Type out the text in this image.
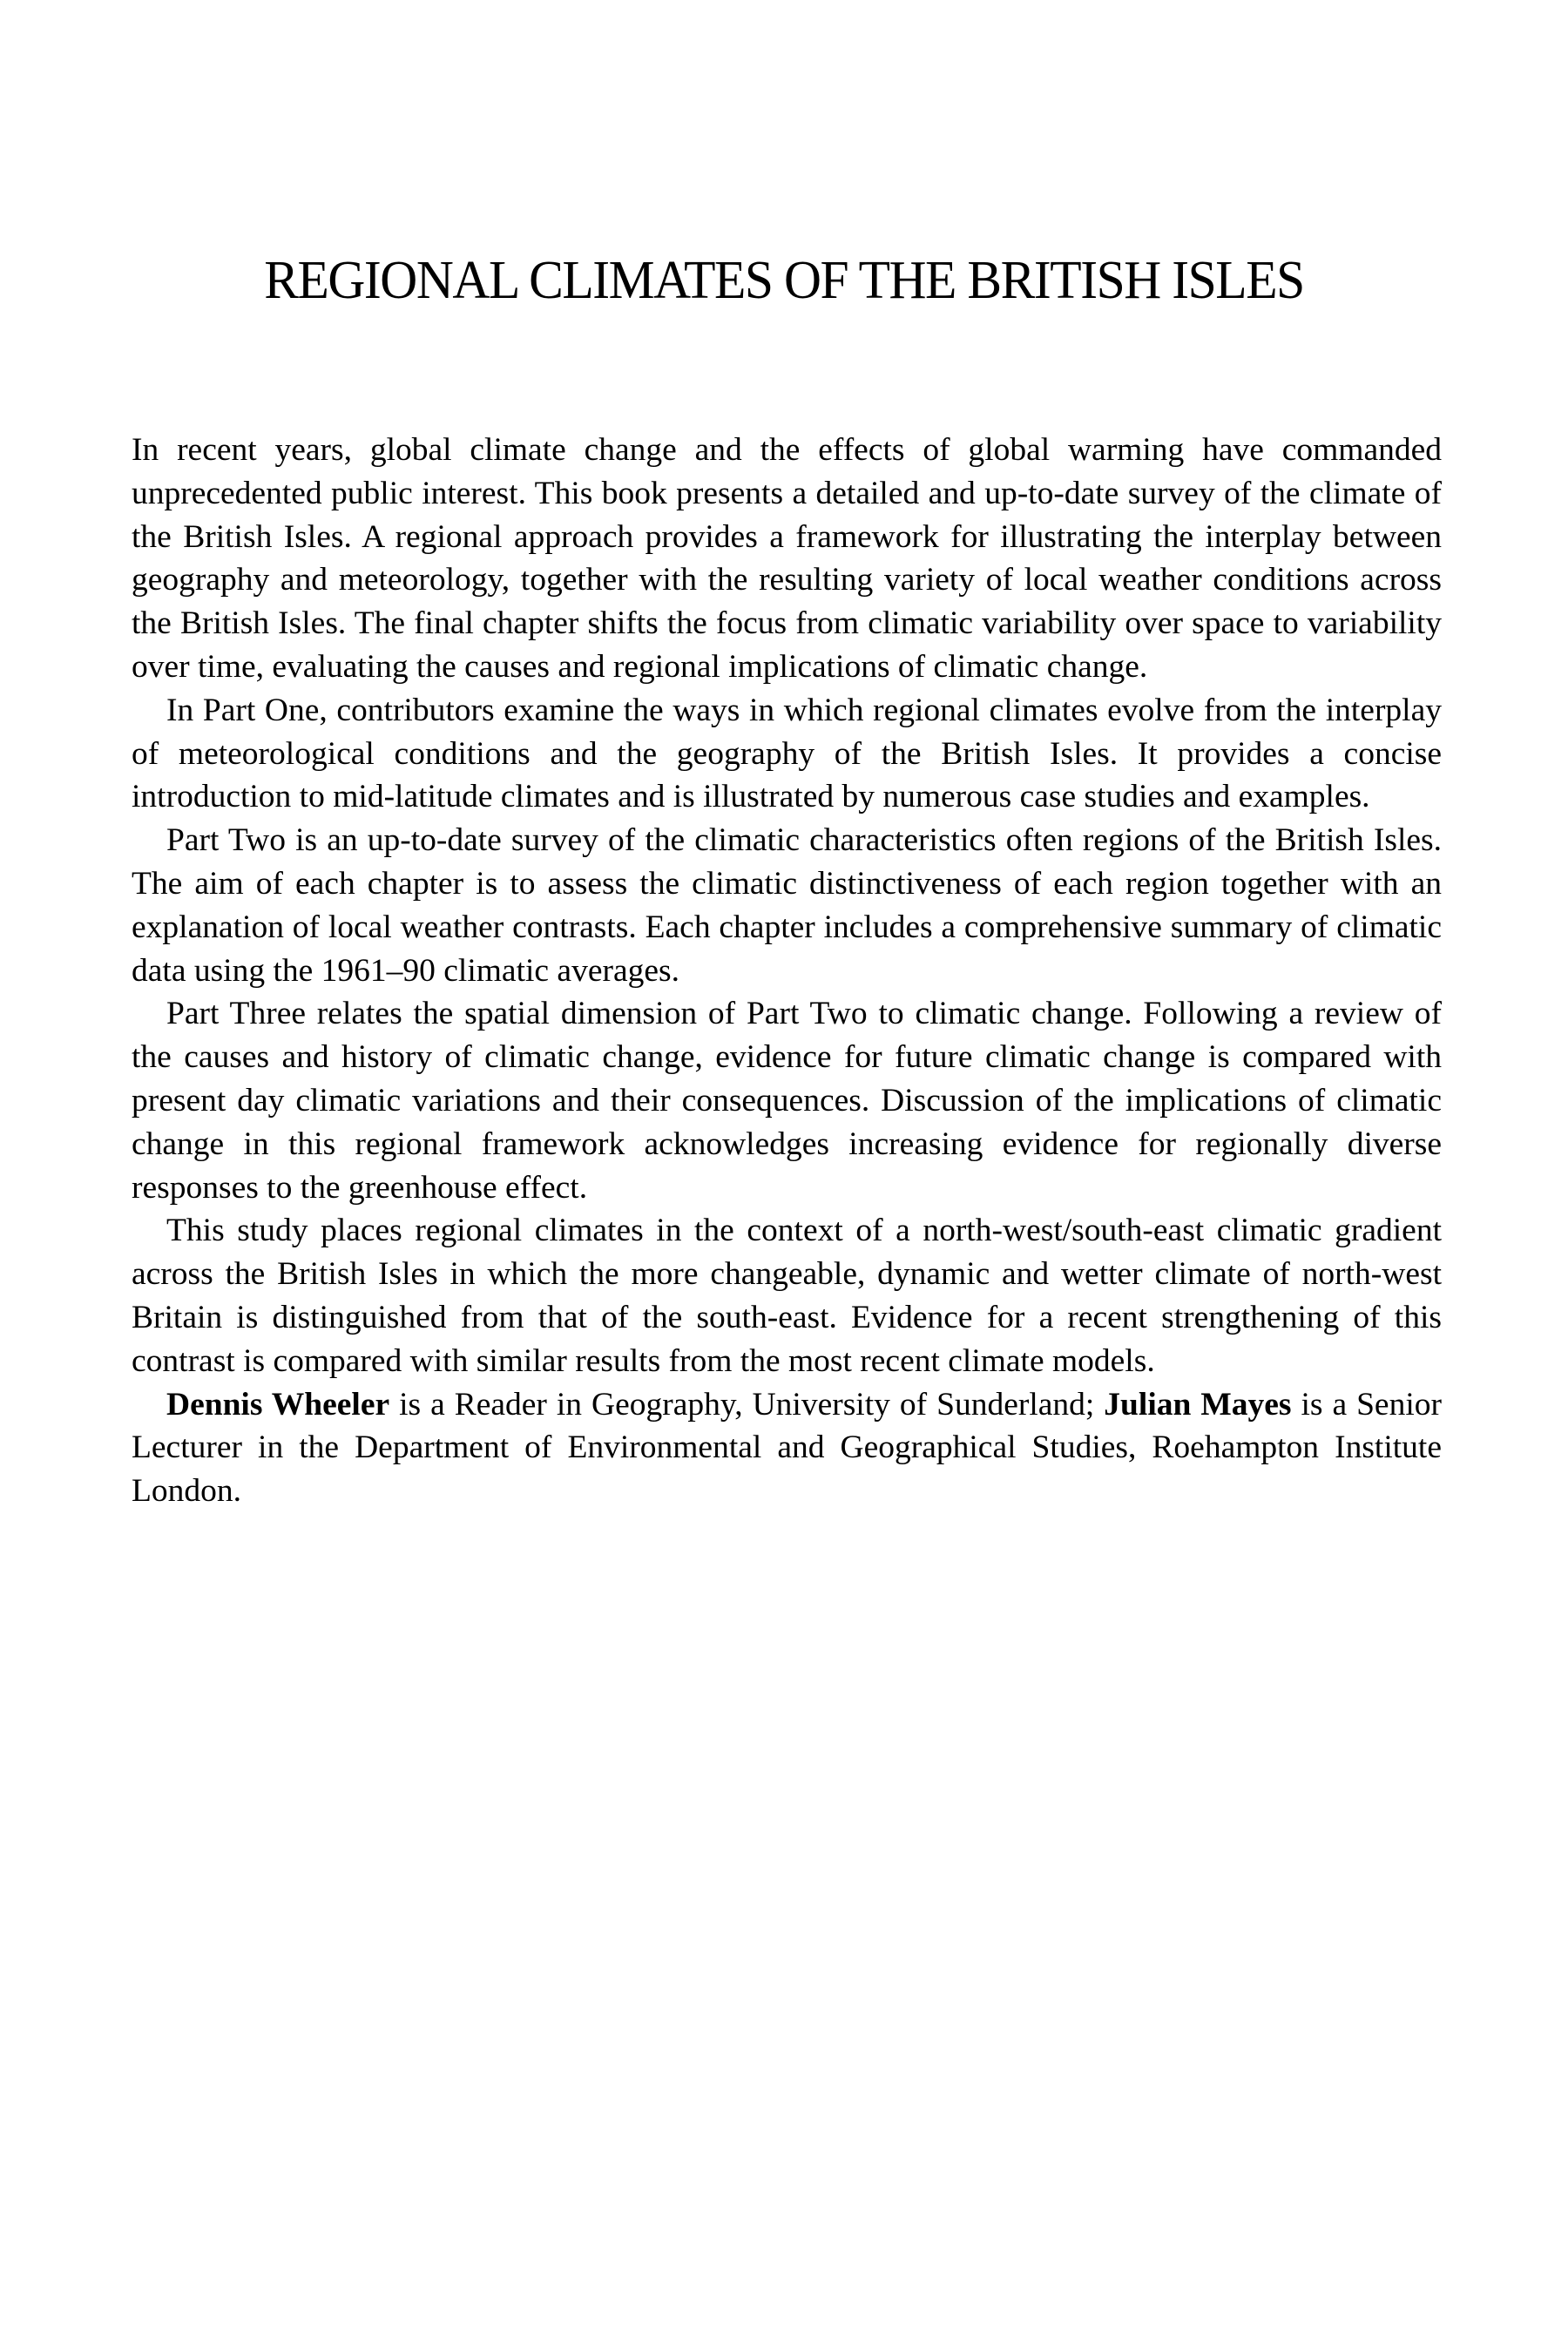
REGIONAL CLIMATES OF THE BRITISH ISLES

In recent years, global climate change and the effects of global warming have commanded unprecedented public interest. This book presents a detailed and up-to-date survey of the climate of the British Isles. A regional approach provides a framework for illustrating the interplay between geography and meteorology, together with the resulting variety of local weather conditions across the British Isles. The final chapter shifts the focus from climatic variability over space to variability over time, evaluating the causes and regional implications of climatic change.

In Part One, contributors examine the ways in which regional climates evolve from the interplay of meteorological conditions and the geography of the British Isles. It provides a concise introduction to mid-latitude climates and is illustrated by numerous case studies and examples.

Part Two is an up-to-date survey of the climatic characteristics often regions of the British Isles. The aim of each chapter is to assess the climatic distinctiveness of each region together with an explanation of local weather contrasts. Each chapter includes a comprehensive summary of climatic data using the 1961–90 climatic averages.

Part Three relates the spatial dimension of Part Two to climatic change. Following a review of the causes and history of climatic change, evidence for future climatic change is compared with present day climatic variations and their consequences. Discussion of the implications of climatic change in this regional framework acknowledges increasing evidence for regionally diverse responses to the greenhouse effect.

This study places regional climates in the context of a north-west/south-east climatic gradient across the British Isles in which the more changeable, dynamic and wetter climate of north-west Britain is distinguished from that of the south-east. Evidence for a recent strengthening of this contrast is compared with similar results from the most recent climate models.

Dennis Wheeler is a Reader in Geography, University of Sunderland; Julian Mayes is a Senior Lecturer in the Department of Environmental and Geographical Studies, Roehampton Institute London.
